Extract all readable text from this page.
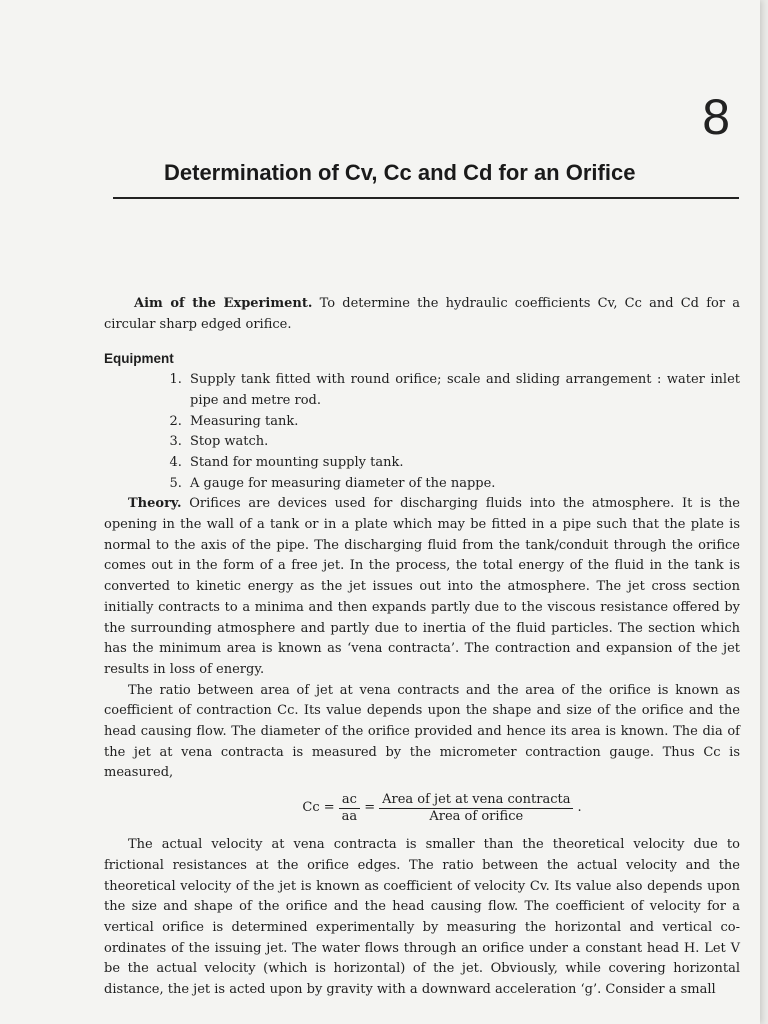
8
Determination of Cv, Cc and Cd for an Orifice

Aim of the Experiment. To determine the hydraulic coefficients Cv, Cc and Cd for a circular sharp edged orifice.

Equipment
1. Supply tank fitted with round orifice; scale and sliding arrangement : water inlet pipe and metre rod.
2. Measuring tank.
3. Stop watch.
4. Stand for mounting supply tank.
5. A gauge for measuring diameter of the nappe.

Theory. Orifices are devices used for discharging fluids into the atmosphere. It is the opening in the wall of a tank or in a plate which may be fitted in a pipe such that the plate is normal to the axis of the pipe. The discharging fluid from the tank/conduit through the orifice comes out in the form of a free jet. In the process, the total energy of the fluid in the tank is converted to kinetic energy as the jet issues out into the atmosphere. The jet cross section initially contracts to a minima and then expands partly due to the viscous resistance offered by the surrounding atmosphere and partly due to inertia of the fluid particles. The section which has the minimum area is known as ‘vena contracta’. The contraction and expansion of the jet results in loss of energy.

The ratio between area of jet at vena contracts and the area of the orifice is known as coefficient of contraction Cc. Its value depends upon the shape and size of the orifice and the head causing flow. The diameter of the orifice provided and hence its area is known. The dia of the jet at vena contracta is measured by the micrometer contraction gauge. Thus Cc is measured,

$Cc = \frac{ac}{aa} = \frac{\text{Area of jet at vena contracta}}{\text{Area of orifice}}$ .

The actual velocity at vena contracta is smaller than the theoretical velocity due to frictional resistances at the orifice edges. The ratio between the actual velocity and the theoretical velocity of the jet is known as coefficient of velocity Cv. Its value also depends upon the size and shape of the orifice and the head causing flow. The coefficient of velocity for a vertical orifice is determined experimentally by measuring the horizontal and vertical co-ordinates of the issuing jet. The water flows through an orifice under a constant head H. Let V be the actual velocity (which is horizontal) of the jet. Obviously, while covering horizontal distance, the jet is acted upon by gravity with a downward acceleration ‘g’. Consider a small
